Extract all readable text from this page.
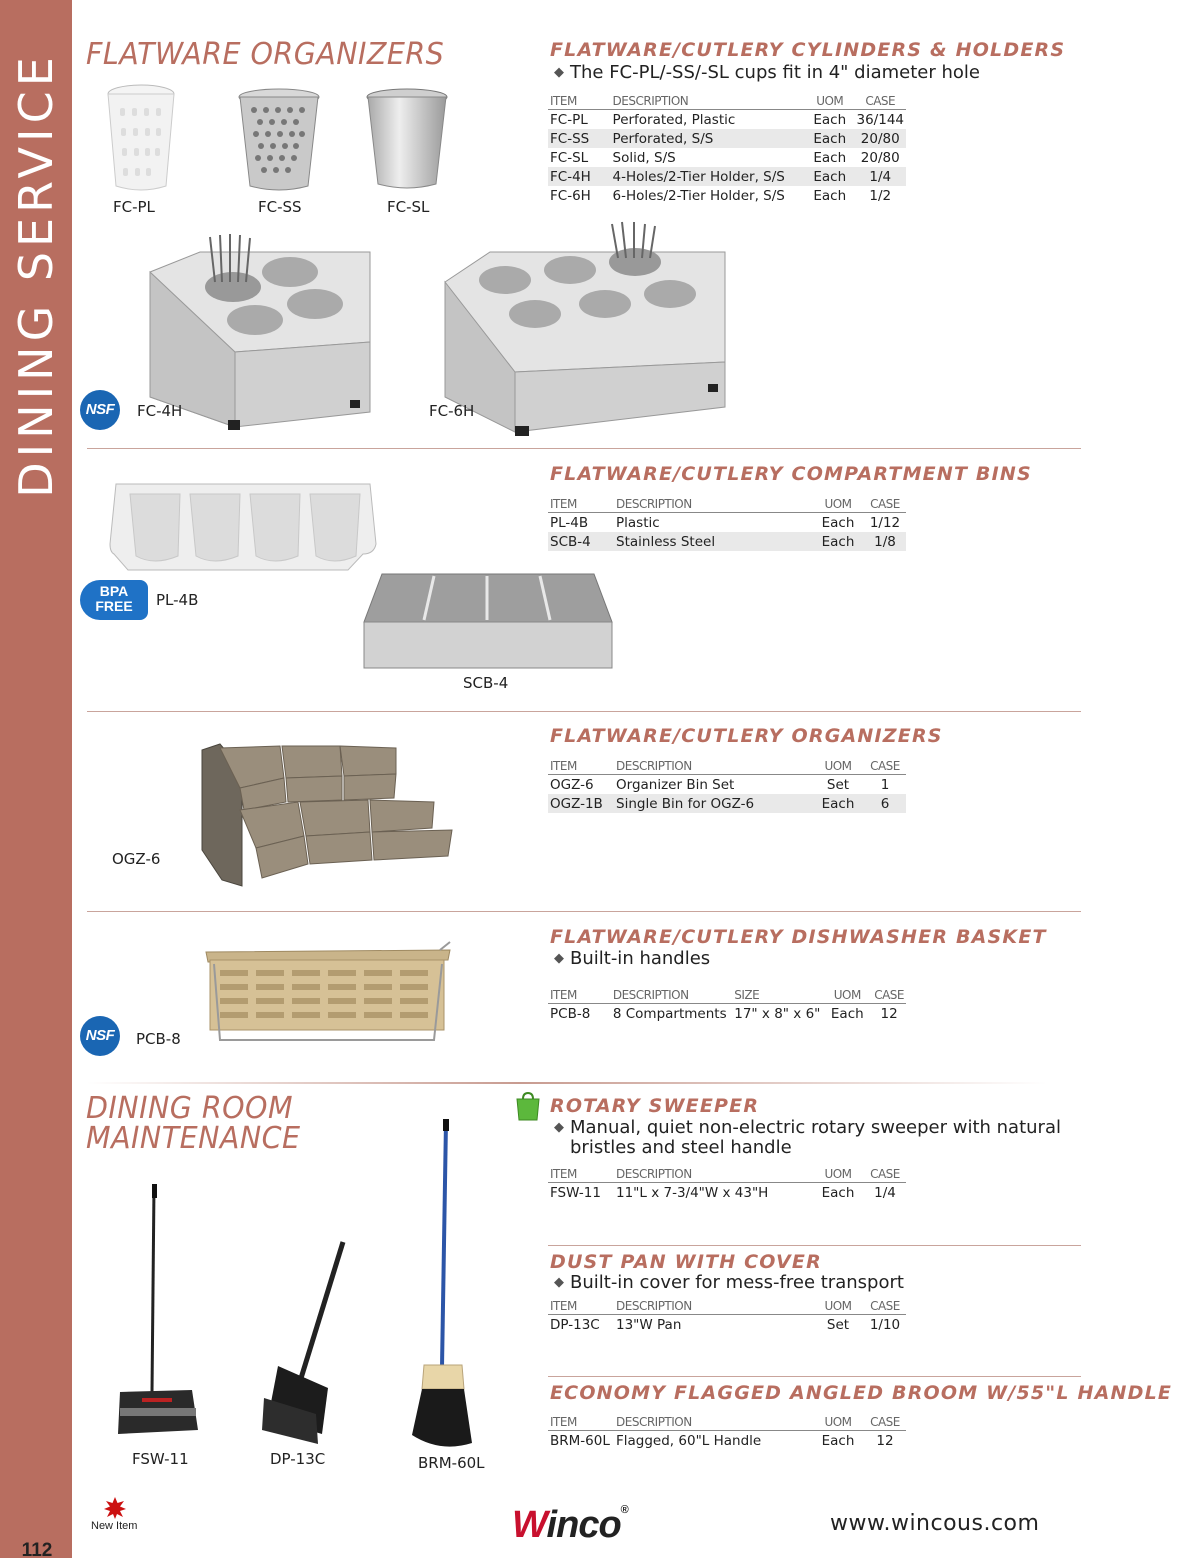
DINING SERVICE
112
FLATWARE ORGANIZERS	FLATWARE/CUTLERY CYLINDERS & HOLDERS
◆ The FC-PL/-SS/-SL cups fit in 4" diameter hole
ITEM	DESCRIPTION	UOM	CASE
FC-PL	Perforated, Plastic	Each	36/144
FC-SS	Perforated, S/S	Each	20/80
FC-SL	Solid, S/S	Each	20/80
FC-4H	4-Holes/2-Tier Holder, S/S	Each	1/4
FC-6H	6-Holes/2-Tier Holder, S/S	Each	1/2
FC-PL	FC-SS	FC-SL
NSF	FC-4H	FC-6H
FLATWARE/CUTLERY COMPARTMENT BINS
ITEM	DESCRIPTION	UOM	CASE
PL-4B	Plastic	Each	1/12
SCB-4	Stainless Steel	Each	1/8
BPA
FREE	PL-4B
SCB-4
FLATWARE/CUTLERY ORGANIZERS
ITEM	DESCRIPTION	UOM	CASE
OGZ-6	Organizer Bin Set	Set	1
OGZ-1B	Single Bin for OGZ-6	Each	6
OGZ-6
FLATWARE/CUTLERY DISHWASHER BASKET
◆ Built-in handles
ITEM	DESCRIPTION	SIZE	UOM	CASE
PCB-8	8 Compartments	17" x 8" x 6"	Each	12
NSF	PCB-8
DINING ROOM
MAINTENANCE
ROTARY SWEEPER
◆ Manual, quiet non-electric rotary sweeper with natural bristles and steel handle
ITEM	DESCRIPTION	UOM	CASE
FSW-11	11"L x 7-3/4"W x 43"H	Each	1/4
DUST PAN WITH COVER
◆ Built-in cover for mess-free transport
ITEM	DESCRIPTION	UOM	CASE
DP-13C	13"W Pan	Set	1/10
ECONOMY FLAGGED ANGLED BROOM W/55"L HANDLE
ITEM	DESCRIPTION	UOM	CASE
BRM-60L	Flagged, 60"L Handle	Each	12
FSW-11	DP-13C	BRM-60L
New Item	Winco®
www.wincous.com
